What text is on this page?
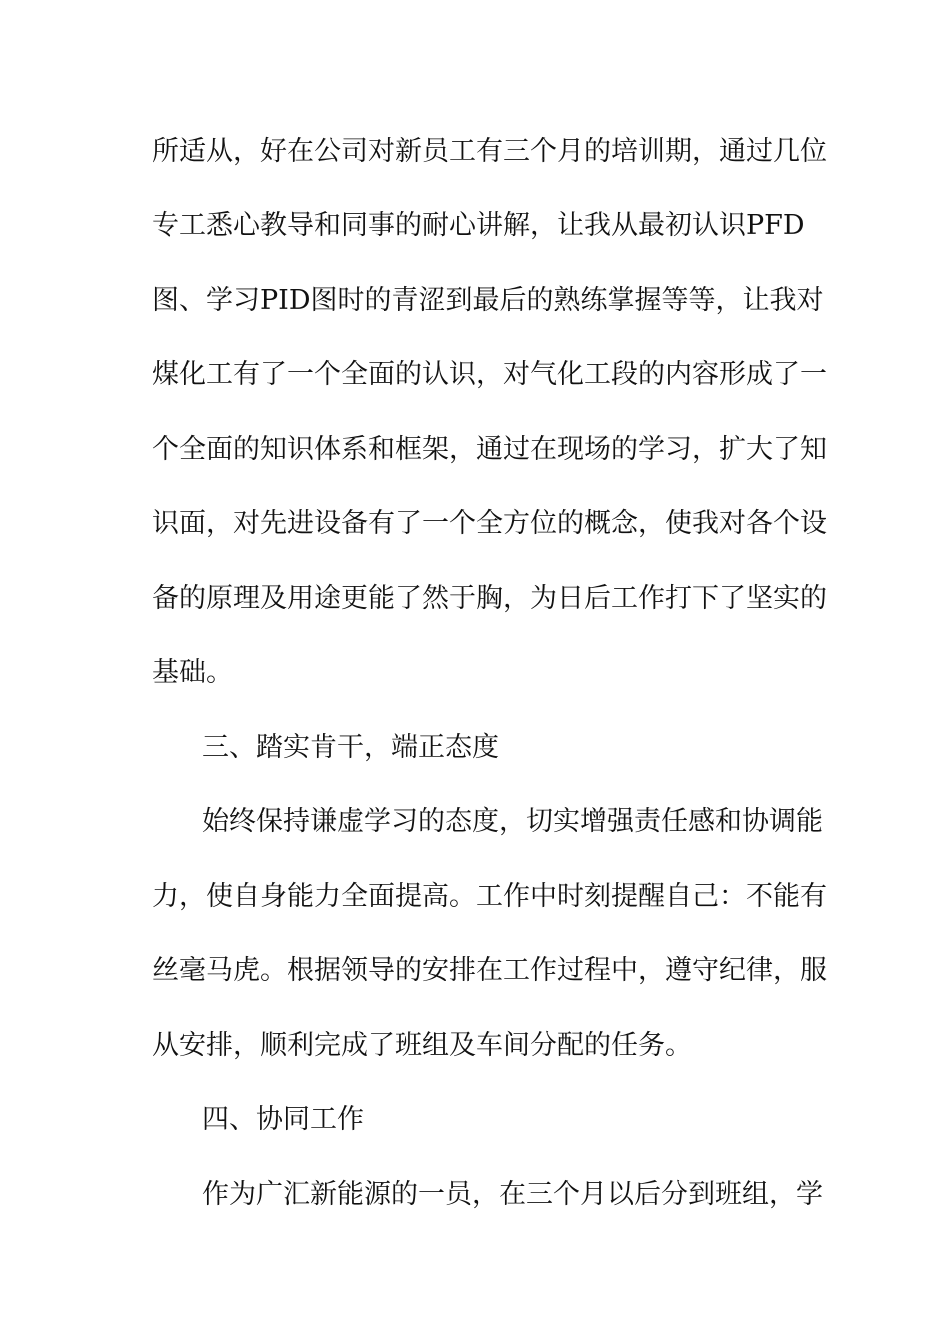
所适从，好在公司对新员工有三个月的培训期，通过几位
专工悉心教导和同事的耐心讲解，让我从最初认识PFD
图、学习PID图时的青涩到最后的熟练掌握等等，让我对
煤化工有了一个全面的认识，对气化工段的内容形成了一
个全面的知识体系和框架，通过在现场的学习，扩大了知
识面，对先进设备有了一个全方位的概念，使我对各个设
备的原理及用途更能了然于胸，为日后工作打下了坚实的
基础。
三、踏实肯干，端正态度
始终保持谦虚学习的态度，切实增强责任感和协调能
力，使自身能力全面提高。工作中时刻提醒自己：不能有
丝毫马虎。根据领导的安排在工作过程中，遵守纪律，服
从安排，顺利完成了班组及车间分配的任务。
四、协同工作
作为广汇新能源的一员，在三个月以后分到班组，学
